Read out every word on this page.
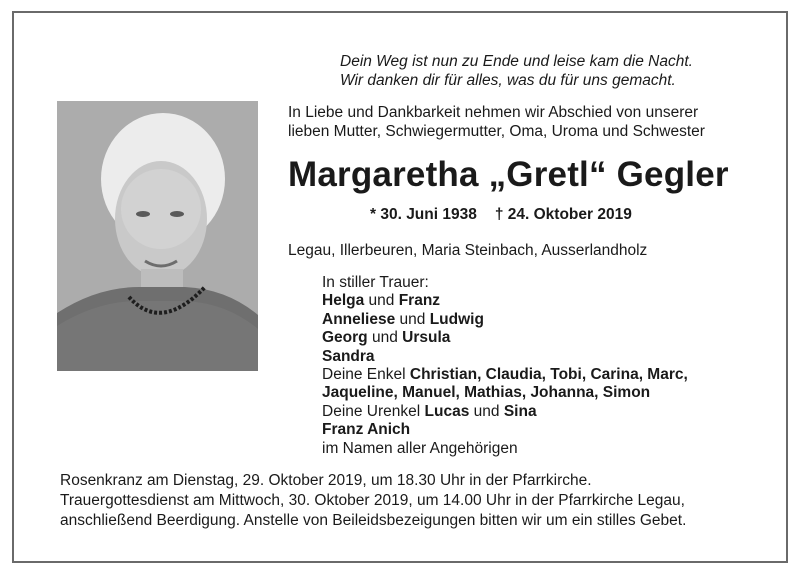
Dein Weg ist nun zu Ende und leise kam die Nacht.
Wir danken dir für alles, was du für uns gemacht.
In Liebe und Dankbarkeit nehmen wir Abschied von unserer
lieben Mutter, Schwiegermutter, Oma, Uroma und Schwester
Margaretha „Gretl“ Gegler
* 30. Juni 1938 † 24. Oktober 2019
Legau, Illerbeuren, Maria Steinbach, Ausserlandholz
In stiller Trauer:
Helga und Franz
Anneliese und Ludwig
Georg und Ursula
Sandra
Deine Enkel Christian, Claudia, Tobi, Carina, Marc,
Jaqueline, Manuel, Mathias, Johanna, Simon
Deine Urenkel Lucas und Sina
Franz Anich
im Namen aller Angehörigen
Rosenkranz am Dienstag, 29. Oktober 2019, um 18.30 Uhr in der Pfarrkirche.
Trauergottesdienst am Mittwoch, 30. Oktober 2019, um 14.00 Uhr in der Pfarrkirche Legau,
anschließend Beerdigung. Anstelle von Beileidsbezeigungen bitten wir um ein stilles Gebet.
